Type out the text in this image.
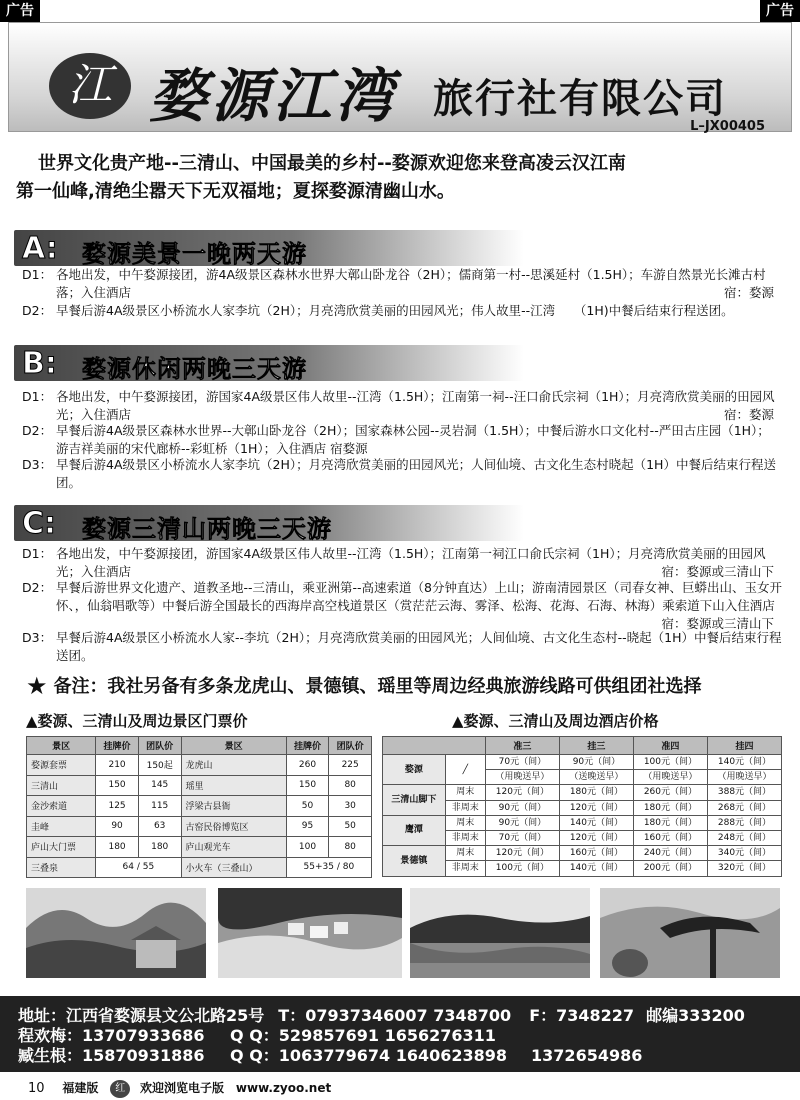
广告	广告
江 婺源江湾 旅行社有限公司
L–JX00405

世界文化贵产地--三清山、中国最美的乡村--婺源欢迎您来登高凌云汉江南

第一仙峰,清绝尘嚣天下无双福地；夏探婺源清幽山水。

A: 婺源美景一晚两天游
D1： 各地出发，中午婺源接团，游4A级景区森林水世界大鄣山卧龙谷（2H）；儒商第一村--思溪延村（1.5H）；车游自然景光长滩古村落；入住酒店	宿：婺源
D2： 早餐后游4A级景区小桥流水人家李坑（2H）；月亮湾欣赏美丽的田园风光；伟人故里--江湾　　（1H)中餐后结束行程送团。
B: 婺源休闲两晚三天游
D1： 各地出发，中午婺源接团，游国家4A级景区伟人故里--江湾（1.5H）；江南第一祠--汪口俞氏宗祠（1H）；月亮湾欣赏美丽的田园风光；入住酒店	宿：婺源
D2： 早餐后游4A级景区森林水世界--大鄣山卧龙谷（2H）；国家森林公园--灵岩洞（1.5H）；中餐后游水口文化村--严田古庄园（1H）；游吉祥美丽的宋代廊桥--彩虹桥（1H）；入住酒店 宿婺源
D3： 早餐后游4A级景区小桥流水人家李坑（2H）；月亮湾欣赏美丽的田园风光；人间仙境、古文化生态村晓起（1H）中餐后结束行程送团。
C: 婺源三清山两晚三天游
D1： 各地出发，中午婺源接团，游国家4A级景区伟人故里--江湾（1.5H）；江南第一祠江口俞氏宗祠（1H）；月亮湾欣赏美丽的田园风光；入住酒店	宿：婺源或三清山下
D2： 早餐后游世界文化遗产、道教圣地--三清山，乘亚洲第--高速索道（8分钟直达）上山；游南清园景区（司春女神、巨蟒出山、玉女开怀、，仙翁唱歌等）中餐后游全国最长的西海岸高空栈道景区（赏茫茫云海、雾泽、松海、花海、石海、林海）乘索道下山入住酒店
宿：婺源或三清山下
D3： 早餐后游4A级景区小桥流水人家--李坑（2H）；月亮湾欣赏美丽的田园风光；人间仙境、古文化生态村--晓起（1H）中餐后结束行程送团。
★ 备注：我社另备有多条龙虎山、景德镇、瑶里等周边经典旅游线路可供组团社选择
▲婺源、三清山及周边景区门票价
景区	挂牌价	团队价	景区	挂牌价	团队价
婺源套票	210	150起	龙虎山	260	225
三清山	150	145	瑶里	150	80
金沙索道	125	115	浮梁古县衙	50	30
圭峰	90	63	古窑民俗博览区	95	50
庐山大门票	180	180	庐山观光车	100	80
三叠泉	64 / 55		小火车（三叠山）	55+35 / 80	
▲婺源、三清山及周边酒店价格
		准三	挂三	准四	挂四
婺源	╱	70元（间）	90元（间）	100元（间）	140元（间）
		（用晚送早）	（送晚送早）	（用晚送早）	（用晚送早）
三清山脚下	周末	120元（间）	180元（间）	260元（间）	388元（间）
	非周末	90元（间）	120元（间）	180元（间）	268元（间）
鹰潭	周末	90元（间）	140元（间）	180元（间）	288元（间）
	非周末	70元（间）	120元（间）	160元（间）	248元（间）
景德镇	周末	120元（间）	160元（间）	240元（间）	340元（间）
	非周末	100元（间）	140元（间）	200元（间）	320元（间）

地址：江西省婺源县文公北路25号 T：07937346007 7348700 F：7348227 邮编333200

程欢梅：13707933686 Q Q：529857691 1656276311

臧生根：15870931886 Q Q：1063779674 1640623898 1372654986

10 福建版 红 欢迎浏览电子版 www.zyoo.net
